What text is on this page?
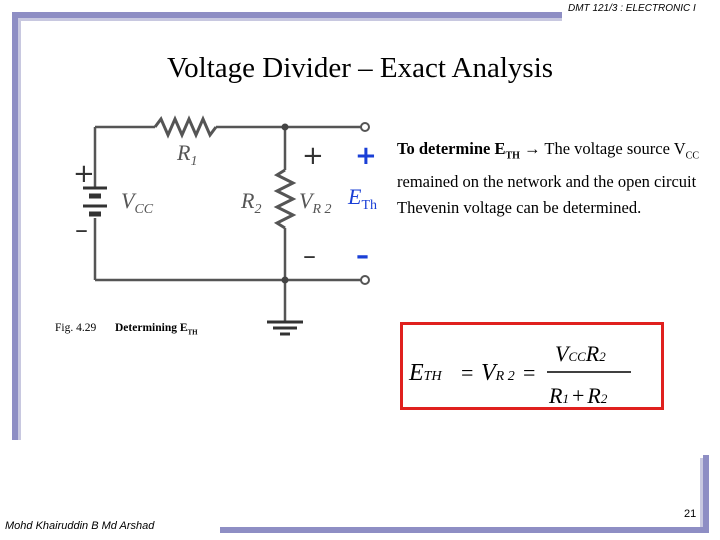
DMT 121/3 : ELECTRONIC I
Voltage Divider – Exact Analysis
+
–
$R_1$
$R_2$
$V_{CC}$	$V_{R 2}$
+
–
+
–
$E_{Th}$
To determine $E_{TH}$ → The voltage source $V_{CC}$ remained on the network and the open circuit Thevenin voltage can be determined.
Fig. 4.29 Determining $E_{TH}$
ETH = VR 2 =
VCCR2
R1 + R2
Mohd Khairuddin B Md Arshad
21
